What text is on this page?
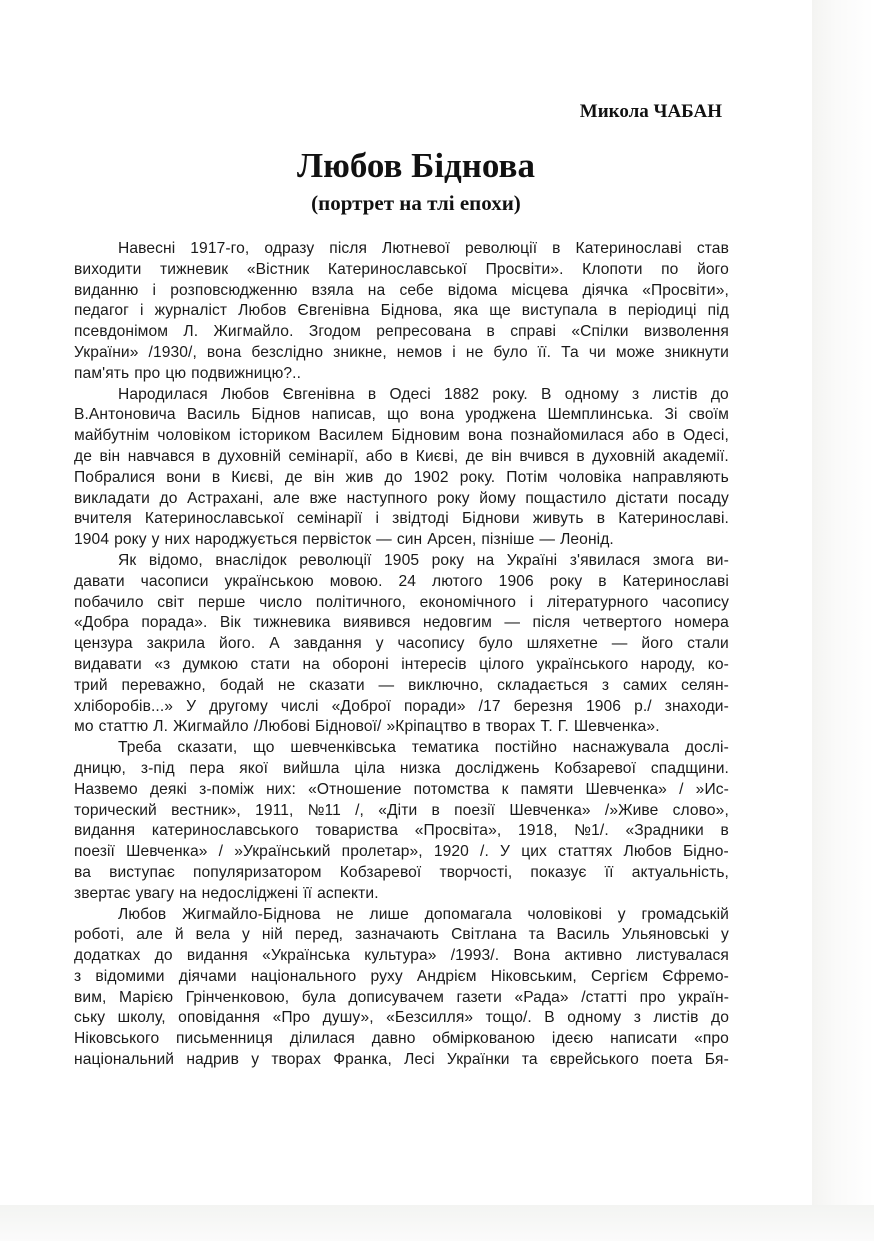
Микола ЧАБАН
Любов Біднова
(портрет на тлі епохи)
Навесні 1917-го, одразу після Лютневої революції в Катеринославі став
виходити тижневик «Вістник Катеринославської Просвіти». Клопоти по його
виданню і розповсюдженню взяла на себе відома місцева діячка «Просвіти»,
педагог і журналіст Любов Євгенівна Біднова, яка ще виступала в періодиці під
псевдонімом Л. Жигмайло. Згодом репресована в справі «Спілки визволення
України» /1930/, вона безслідно зникне, немов і не було її. Та чи може зникнути
пам'ять про цю подвижницю?..
Народилася Любов Євгенівна в Одесі 1882 року. В одному з листів до
В.Антоновича Василь Біднов написав, що вона уроджена Шемплинська. Зі своїм
майбутнім чоловіком істориком Василем Бідновим вона познайомилася або в Одесі,
де він навчався в духовній семінарії, або в Києві, де він вчився в духовній академії.
Побралися вони в Києві, де він жив до 1902 року. Потім чоловіка направляють
викладати до Астрахані, але вже наступного року йому пощастило дістати посаду
вчителя Катеринославської семінарії і звідтоді Біднови живуть в Катеринославі.
1904 року у них народжується первісток — син Арсен, пізніше — Леонід.
Як відомо, внаслідок революції 1905 року на Україні з'явилася змога ви-
давати часописи українською мовою. 24 лютого 1906 року в Катеринославі
побачило світ перше число політичного, економічного і літературного часопису
«Добра порада». Вік тижневика виявився недовгим — після четвертого номера
цензура закрила його. А завдання у часопису було шляхетне — його стали
видавати «з думкою стати на обороні інтересів цілого українського народу, ко-
трий переважно, бодай не сказати — виключно, складається з самих селян-
хліборобів...» У другому числі «Доброї поради» /17 березня 1906 р./ знаходи-
мо статтю Л. Жигмайло /Любові Біднової/ »Кріпацтво в творах Т. Г. Шевченка».
Треба сказати, що шевченківська тематика постійно наснажувала дослі-
дницю, з-під пера якої вийшла ціла низка досліджень Кобзаревої спадщини.
Назвемо деякі з-поміж них: «Отношение потомства к памяти Шевченка» / »Ис-
торический вестник», 1911, №11 /, «Діти в поезії Шевченка» /»Живе слово»,
видання катеринославського товариства «Просвіта», 1918, №1/. «Зрадники в
поезії Шевченка» / »Український пролетар», 1920 /. У цих статтях Любов Бідно-
ва виступає популяризатором Кобзаревої творчості, показує її актуальність,
звертає увагу на недосліджені її аспекти.
Любов Жигмайло-Біднова не лише допомагала чоловікові у громадській
роботі, але й вела у ній перед, зазначають Світлана та Василь Ульяновські у
додатках до видання «Українська культура» /1993/. Вона активно листувалася
з відомими діячами національного руху Андрієм Ніковським, Сергієм Єфремо-
вим, Марією Грінченковою, була дописувачем газети «Рада» /статті про україн-
ську школу, оповідання «Про душу», «Безсилля» тощо/. В одному з листів до
Ніковського письменниця ділилася давно обміркованою ідеєю написати «про
національний надрив у творах Франка, Лесі Українки та єврейського поета Бя-
